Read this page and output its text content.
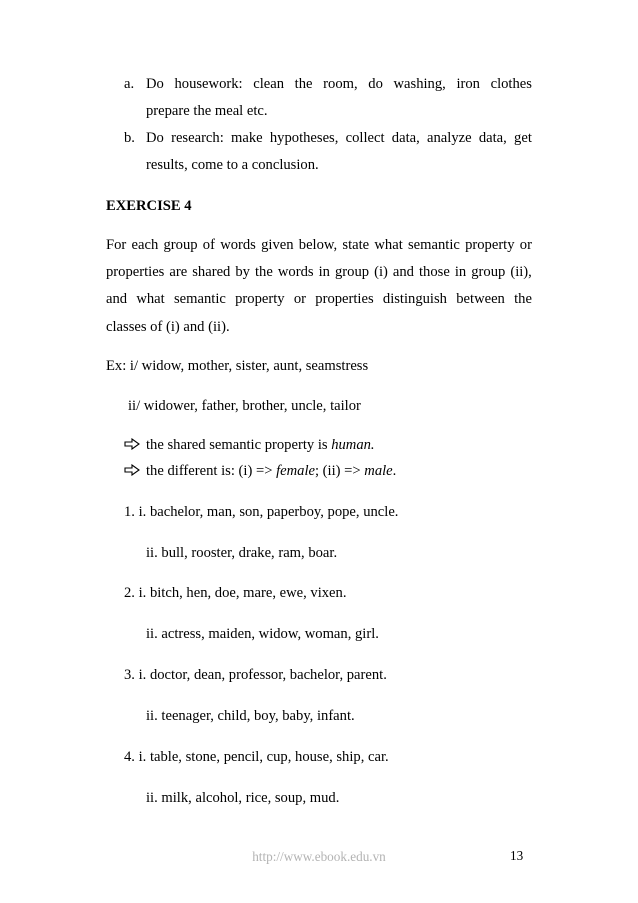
a. Do housework: clean the room, do washing, iron clothes
prepare the meal etc.
b. Do research: make hypotheses, collect data, analyze data, get
results, come to a conclusion.
EXERCISE 4
For each group of words given below, state what semantic property or
properties are shared by the words in group (i) and those in group (ii),
and what semantic property or properties distinguish between the
classes of (i) and (ii).
Ex: i/ widow, mother, sister, aunt, seamstress
ii/ widower, father, brother, uncle, tailor
the shared semantic property is human.
the different is: (i) => female; (ii) => male.
1. i. bachelor, man, son, paperboy, pope, uncle.
ii. bull, rooster, drake, ram, boar.
2. i. bitch, hen, doe, mare, ewe, vixen.
ii. actress, maiden, widow, woman, girl.
3. i. doctor, dean, professor, bachelor, parent.
ii. teenager, child, boy, baby, infant.
4. i. table, stone, pencil, cup, house, ship, car.
ii. milk, alcohol, rice, soup, mud.
http://www.ebook.edu.vn	13
